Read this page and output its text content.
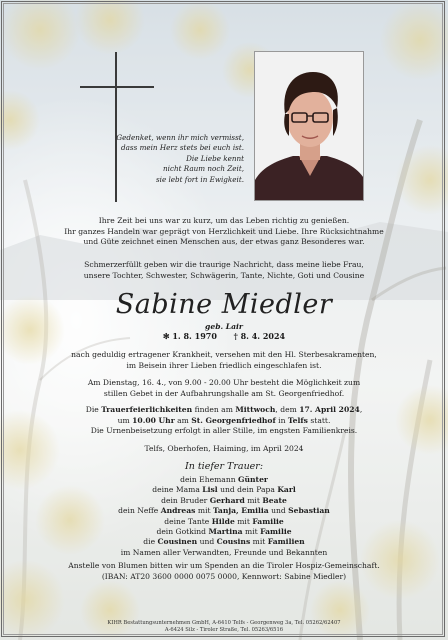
Gedenket, wenn ihr mich vermisst,
dass mein Herz stets bei euch ist.
Die Liebe kennt
nicht Raum noch Zeit,
sie lebt fort in Ewigkeit.
Ihre Zeit bei uns war zu kurz, um das Leben richtig zu genießen.
Ihr ganzes Handeln war geprägt von Herzlichkeit und Liebe. Ihre Rücksichtnahme
und Güte zeichnet einen Menschen aus, der etwas ganz Besonderes war.
Schmerzerfüllt geben wir die traurige Nachricht, dass meine liebe Frau,
unsere Tochter, Schwester, Schwägerin, Tante, Nichte, Goti und Cousine
Sabine Miedler
geb. Lair
✻ 1. 8. 1970 † 8. 4. 2024
nach geduldig ertragener Krankheit, versehen mit den Hl. Sterbesakramenten,
im Beisein ihrer Lieben friedlich eingeschlafen ist.
Am Dienstag, 16. 4., von 9.00 - 20.00 Uhr besteht die Möglichkeit zum
stillen Gebet in der Aufbahrungshalle am St. Georgenfriedhof.
Die Trauerfeierlichkeiten finden am Mittwoch, dem 17. April 2024,
um 10.00 Uhr am St. Georgenfriedhof in Telfs statt.
Die Urnenbeisetzung erfolgt in aller Stille, im engsten Familienkreis.
Telfs, Oberhofen, Haiming, im April 2024
In tiefer Trauer:
dein Ehemann Günter
deine Mama Lisl und dein Papa Karl
dein Bruder Gerhard mit Beate
dein Neffe Andreas mit Tanja, Emilia und Sebastian
deine Tante Hilde mit Familie
dein Gotkind Martina mit Familie
die Cousinen und Cousins mit Familien
im Namen aller Verwandten, Freunde und Bekannten
Anstelle von Blumen bitten wir um Spenden an die Tiroler Hospiz-Gemeinschaft.
(IBAN: AT20 3600 0000 0075 0000, Kennwort: Sabine Miedler)
KIHR Bestattungsunternehmen GmbH, A-6410 Telfs - Georgenweg 3a, Tel. 05262/62407
A-6424 Silz - Tiroler Straße, Tel. 05263/6516
